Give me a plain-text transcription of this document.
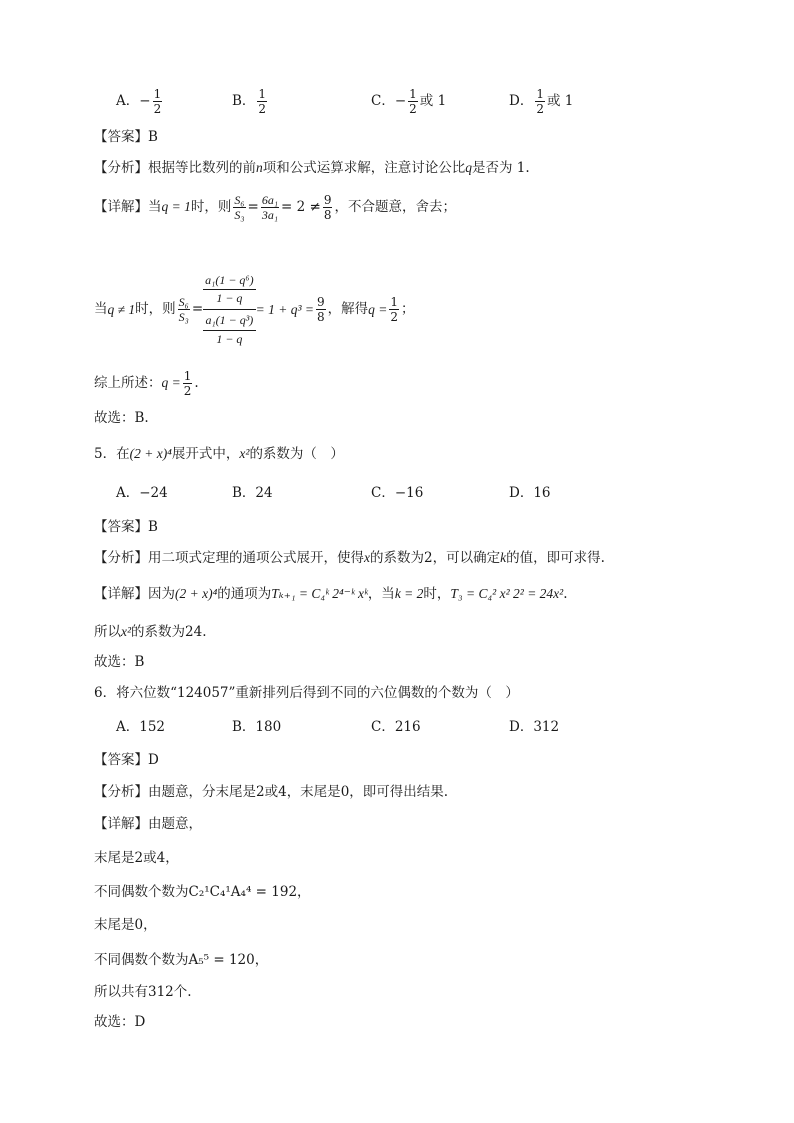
A．− $\frac{1}{2}$	B． $\frac{1}{2}$	C．− $\frac{1}{2}$ 或 1	D． $\frac{1}{2}$ 或 1
【答案】B
【分析】根据等比数列的前n项和公式运算求解，注意讨论公比q是否为 1.
【详解】当q = 1时，则 $\frac{\text{S₆}}{\text{S₃}} = \frac{\text{6a₁}}{\text{3a₁}} = 2 \ne \frac{9}{8}$ ，不合题意，舍去；
当q ≠ 1时，则 $\frac{\text{S₆}}{\text{S₃}}$ =
a₁(1 − q⁶)
1 − q
a₁(1 − q³)
1 − q
= $1 + q^3 = \frac{9}{8}$ ，解得$q = \frac{1}{2}$ ；
综上所述：$q = \frac{1}{2}$ .
故选：B.
5．在(2 + x)⁴展开式中，x²的系数为（　）
A．−24	B．24	C．−16	D．16
【答案】B
【分析】用二项式定理的通项公式展开，使得x的系数为2，可以确定k的值，即可求得.
【详解】因为(2 + x)⁴的通项为Tₖ₊₁ = C₄ᵏ 2⁴⁻ᵏ xᵏ，当k = 2时，T₃ = C₄² x² 2² = 24x².
所以x²的系数为24.
故选：B
6．将六位数“124057”重新排列后得到不同的六位偶数的个数为（　）
A．152	B．180	C．216	D．312
【答案】D
【分析】由题意，分末尾是2或4，末尾是0，即可得出结果.
【详解】由题意，
末尾是2或4，
不同偶数个数为C₂¹C₄¹A₄⁴ = 192，
末尾是0，
不同偶数个数为A₅⁵ = 120，
所以共有312个.
故选：D
